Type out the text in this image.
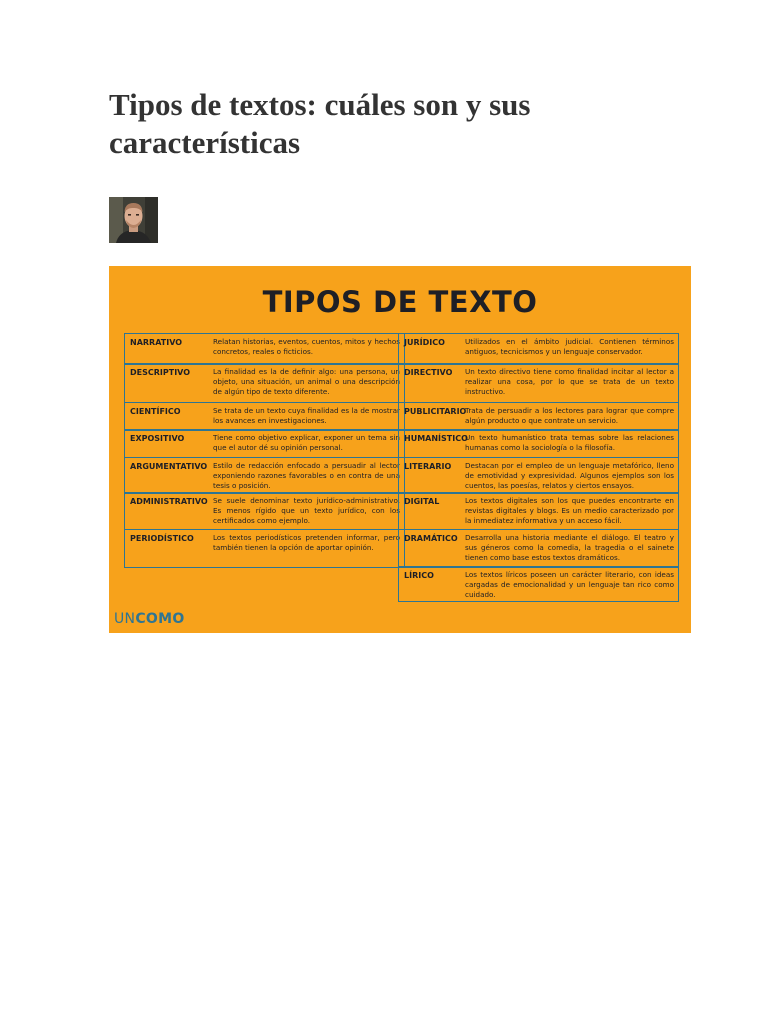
Tipos de textos: cuáles son y sus características
TIPOS DE TEXTO
NARRATIVO	Relatan historias, eventos, cuentos, mitos y hechos concretos, reales o ficticios.
DESCRIPTIVO	La finalidad es la de definir algo: una persona, un objeto, una situación, un animal o una descripción de algún tipo de texto diferente.
CIENTÍFICO	Se trata de un texto cuya finalidad es la de mostrar los avances en investigaciones.
EXPOSITIVO	Tiene como objetivo explicar, exponer un tema sin que el autor dé su opinión personal.
ARGUMENTATIVO Estilo de redacción enfocado a persuadir al lector exponiendo razones favorables o en contra de una tesis o posición.
ADMINISTRATIVO Se suele denominar texto jurídico-administrativo. Es menos rígido que un texto jurídico, con los certificados como ejemplo.
PERIODÍSTICO	Los textos periodísticos pretenden informar, pero también tienen la opción de aportar opinión.
JURÍDICO	Utilizados en el ámbito judicial. Contienen términos antiguos, tecnicismos y un lenguaje conservador.
DIRECTIVO Un texto directivo tiene como finalidad incitar al lector a realizar una cosa, por lo que se trata de un texto instructivo.
PUBLICITARIO
Trata de persuadir a los lectores para lograr que compre algún producto o que contrate un servicio.
HUMANÍSTICO
Un texto humanístico trata temas sobre las relaciones humanas como la sociología o la filosofía.
LITERARIO Destacan por el empleo de un lenguaje metafórico, lleno de emotividad y expresividad. Algunos ejemplos son los cuentos, las poesías, relatos y ciertos ensayos.
DIGITAL	Los textos digitales son los que puedes encontrarte en revistas digitales y blogs. Es un medio caracterizado por la inmediatez informativa y un acceso fácil.
DRAMÁTICO Desarrolla una historia mediante el diálogo. El teatro y sus géneros como la comedia, la tragedia o el sainete tienen como base estos textos dramáticos.
LÍRICO	Los textos líricos poseen un carácter literario, con ideas cargadas de emocionalidad y un lenguaje tan rico como cuidado.
UNCOMO
